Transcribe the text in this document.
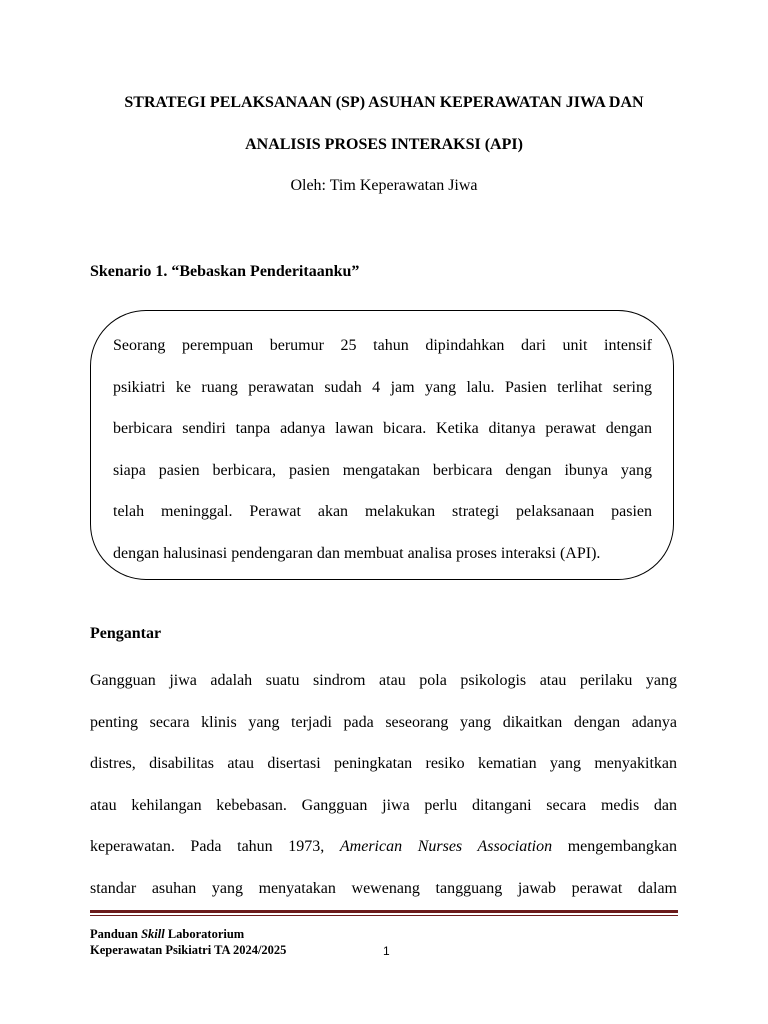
STRATEGI PELAKSANAAN (SP) ASUHAN KEPERAWATAN JIWA DAN
ANALISIS PROSES INTERAKSI (API)
Oleh: Tim Keperawatan Jiwa
Skenario 1. “Bebaskan Penderitaanku”
Seorang perempuan berumur 25 tahun dipindahkan dari unit intensif
psikiatri ke ruang perawatan sudah 4 jam yang lalu. Pasien terlihat sering
berbicara sendiri tanpa adanya lawan bicara. Ketika ditanya perawat dengan
siapa pasien berbicara, pasien mengatakan berbicara dengan ibunya yang
telah meninggal. Perawat akan melakukan strategi pelaksanaan pasien
dengan halusinasi pendengaran dan membuat analisa proses interaksi (API).
Pengantar
Gangguan jiwa adalah suatu sindrom atau pola psikologis atau perilaku yang
penting secara klinis yang terjadi pada seseorang yang dikaitkan dengan adanya
distres, disabilitas atau disertasi peningkatan resiko kematian yang menyakitkan
atau kehilangan kebebasan. Gangguan jiwa perlu ditangani secara medis dan
keperawatan. Pada tahun 1973, American Nurses Association mengembangkan
standar asuhan yang menyatakan wewenang tangguang jawab perawat dalam
Panduan Skill Laboratorium
Keperawatan Psikiatri TA 2024/2025	1
